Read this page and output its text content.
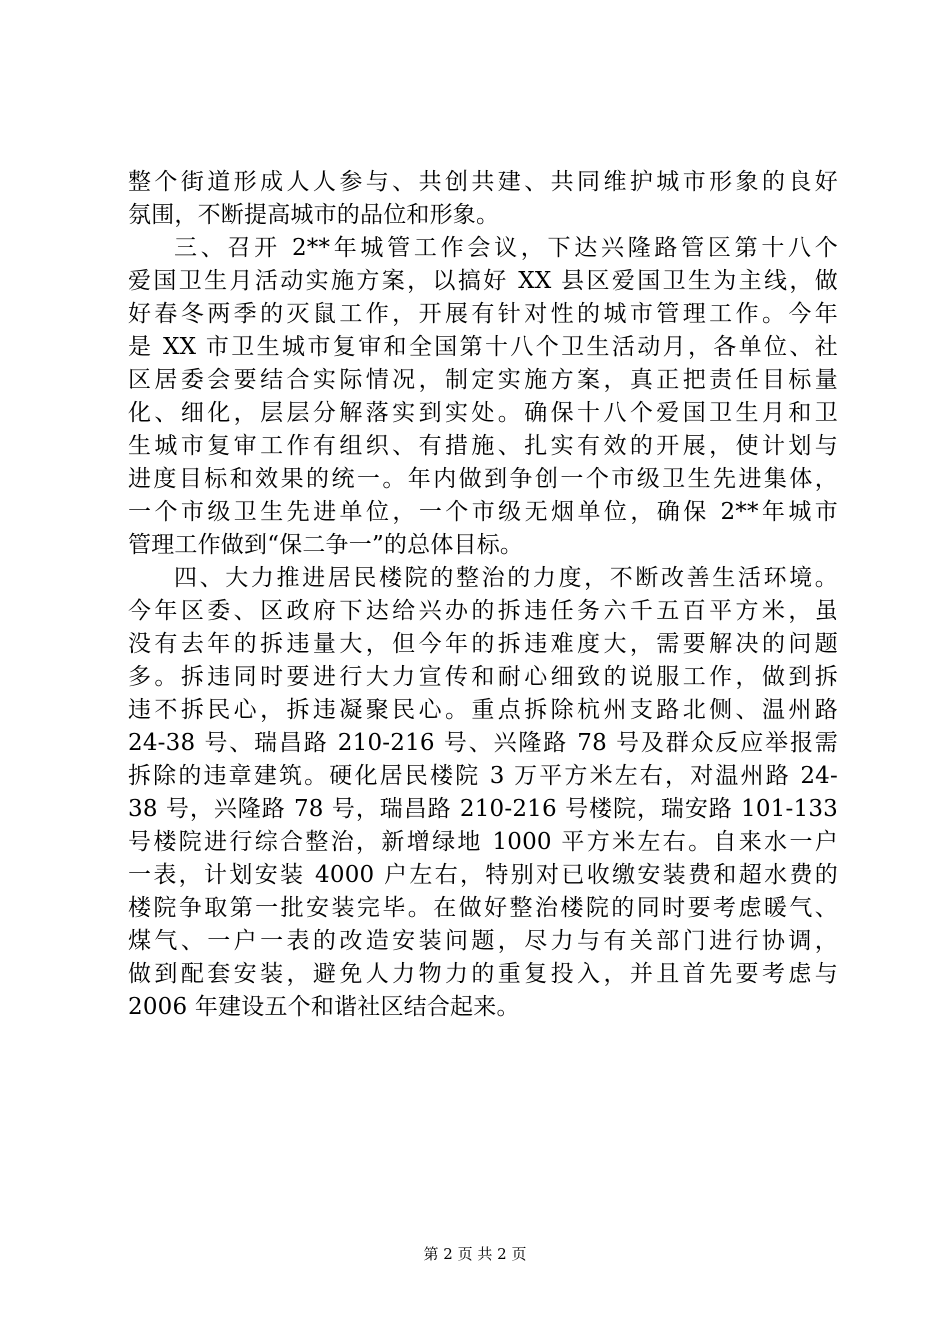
整个街道形成人人参与、共创共建、共同维护城市形象的良好
氛围，不断提高城市的品位和形象。
三、召开 2**年城管工作会议，下达兴隆路管区第十八个
爱国卫生月活动实施方案，以搞好 XX 县区爱国卫生为主线，做
好春冬两季的灭鼠工作，开展有针对性的城市管理工作。今年
是 XX 市卫生城市复审和全国第十八个卫生活动月，各单位、社
区居委会要结合实际情况，制定实施方案，真正把责任目标量
化、细化，层层分解落实到实处。确保十八个爱国卫生月和卫
生城市复审工作有组织、有措施、扎实有效的开展，使计划与
进度目标和效果的统一。年内做到争创一个市级卫生先进集体，
一个市级卫生先进单位，一个市级无烟单位，确保 2**年城市
管理工作做到“保二争一”的总体目标。
四、大力推进居民楼院的整治的力度，不断改善生活环境。
今年区委、区政府下达给兴办的拆违任务六千五百平方米，虽
没有去年的拆违量大，但今年的拆违难度大，需要解决的问题
多。拆违同时要进行大力宣传和耐心细致的说服工作，做到拆
违不拆民心，拆违凝聚民心。重点拆除杭州支路北侧、温州路
24-38 号、瑞昌路 210-216 号、兴隆路 78 号及群众反应举报需
拆除的违章建筑。硬化居民楼院 3 万平方米左右，对温州路 24-
38 号，兴隆路 78 号，瑞昌路 210-216 号楼院，瑞安路 101-133
号楼院进行综合整治，新增绿地 1000 平方米左右。自来水一户
一表，计划安装 4000 户左右，特别对已收缴安装费和超水费的
楼院争取第一批安装完毕。在做好整治楼院的同时要考虑暖气、
煤气、一户一表的改造安装问题，尽力与有关部门进行协调，
做到配套安装，避免人力物力的重复投入，并且首先要考虑与
2006 年建设五个和谐社区结合起来。
第 2 页 共 2 页
